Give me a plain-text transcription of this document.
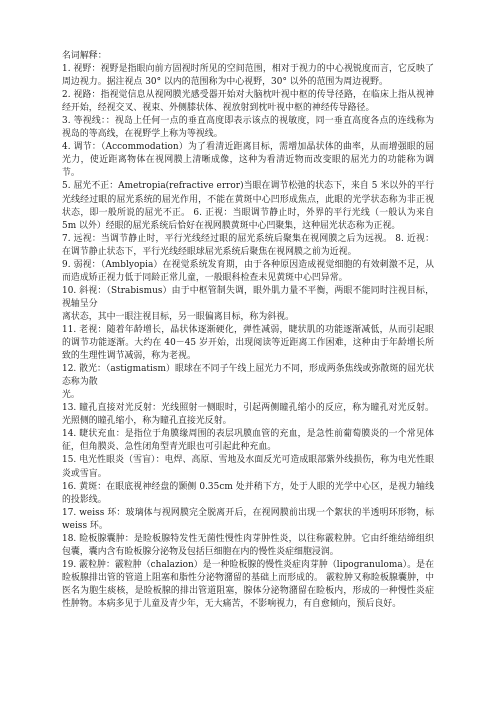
名词解释：

1. 视野：视野是指眼向前方固视时所见的空间范围，相对于视力的中心视锐度而言，它反映了周边视力。据注视点 30° 以内的范围称为中心视野，30° 以外的范围为周边视野。

2. 视路：指视觉信息从视网膜光感受器开始对大脑枕叶视中枢的传导径路，在临床上指从视神经开始，经视交叉、视束、外侧膝状体、视放射到枕叶视中枢的神经传导路径。

3. 等视线：：视岛上任何一点的垂直高度即表示该点的视敏度，同一垂直高度各点的连线称为视岛的等高线，在视野学上称为等视线。

4. 调节：（Accommodation）为了看清近距离目标，需增加晶状体的曲率，从而增强眼的屈光力，使近距离物体在视网膜上清晰成像，这种为看清近物而改变眼的屈光力的功能称为调节。

5. 屈光不正：Ametropia(refractive error)当眼在调节松弛的状态下，来自 5 米以外的平行光线经过眼的屈光系统的屈光作用，不能在黄斑中心凹形成焦点，此眼的光学状态称为非正视状态，即一般所说的屈光不正。 6. 正视：当眼调节静止时，外界的平行光线（一般认为来自 5m 以外）经眼的屈光系统后恰好在视网膜黄斑中心凹聚集，这种屈光状态称为正视。

7. 远视：当调节静止时，平行光线经过眼的屈光系统后聚集在视网膜之后为远视。 8. 近视：在调节静止状态下，平行光线经眼球屈光系统后聚焦在视网膜之前为近视。

9. 弱视：（Amblyopia）在视觉系统发育期，由于各种原因造成视觉细胞的有效刺激不足，从而造成矫正视力低于同龄正常儿童，一般眼科检查未见黄斑中心凹异常。

10. 斜视：（Strabismus）由于中枢管制失调，眼外肌力量不平衡，两眼不能同时注视目标，视轴呈分

离状态，其中一眼注视目标，另一眼偏离目标，称为斜视。

11. 老视：随着年龄增长，晶状体逐渐硬化，弹性减弱，睫状肌的功能逐渐减低，从而引起眼的调节功能逐渐。大约在 40－45 岁开始，出现阅读等近距离工作困难，这种由于年龄增长所致的生理性调节减弱，称为老视。

12. 散光：（astigmatism）眼球在不同子午线上屈光力不同，形成两条焦线或弥散斑的屈光状态称为散

光。

13. 瞳孔直接对光反射：光线照射一侧眼时，引起两侧瞳孔缩小的反应，称为瞳孔对光反射。光照侧的瞳孔缩小，称为瞳孔直接光反射。

14. 睫状充血：是指位于角膜缘周围的表层巩膜血管的充血，是急性前葡萄膜炎的一个常见体征，但角膜炎、急性闭角型青光眼也可引起此种充血。

15. 电光性眼炎（雪盲）：电焊、高原、雪地及水面反光可造成眼部紫外线损伤，称为电光性眼炎或雪盲。

16. 黄斑：在眼底视神经盘的颞侧 0.35cm 处并稍下方，处于人眼的光学中心区，是视力轴线的投影线。

17. weiss 环：玻璃体与视网膜完全脱离开后，在视网膜前出现一个絮状的半透明环形物，标 weiss 环。

18. 睑板腺囊肿：是睑板腺特发性无菌性慢性肉芽肿性炎，以往称霰粒肿。它由纤维结缔组织包囊，囊内含有睑板腺分泌物及包括巨细胞在内的慢性炎症细胞浸润。

19. 霰粒肿：霰粒肿（chalazion）是一种睑板腺的慢性炎症肉芽肿（lipogranuloma）。是在睑板腺排出管的管道上阻塞和脂性分泌物潴留的基础上而形成的。 霰粒肿又称睑板腺囊肿，中医名为胞生痰核，是睑板腺的排出管道阻塞，腺体分泌物潴留在睑板内，形成的一种慢性炎症性肿物。本病多见于儿童及青少年，无大痛苦，不影响视力，有自愈倾向，预后良好。
